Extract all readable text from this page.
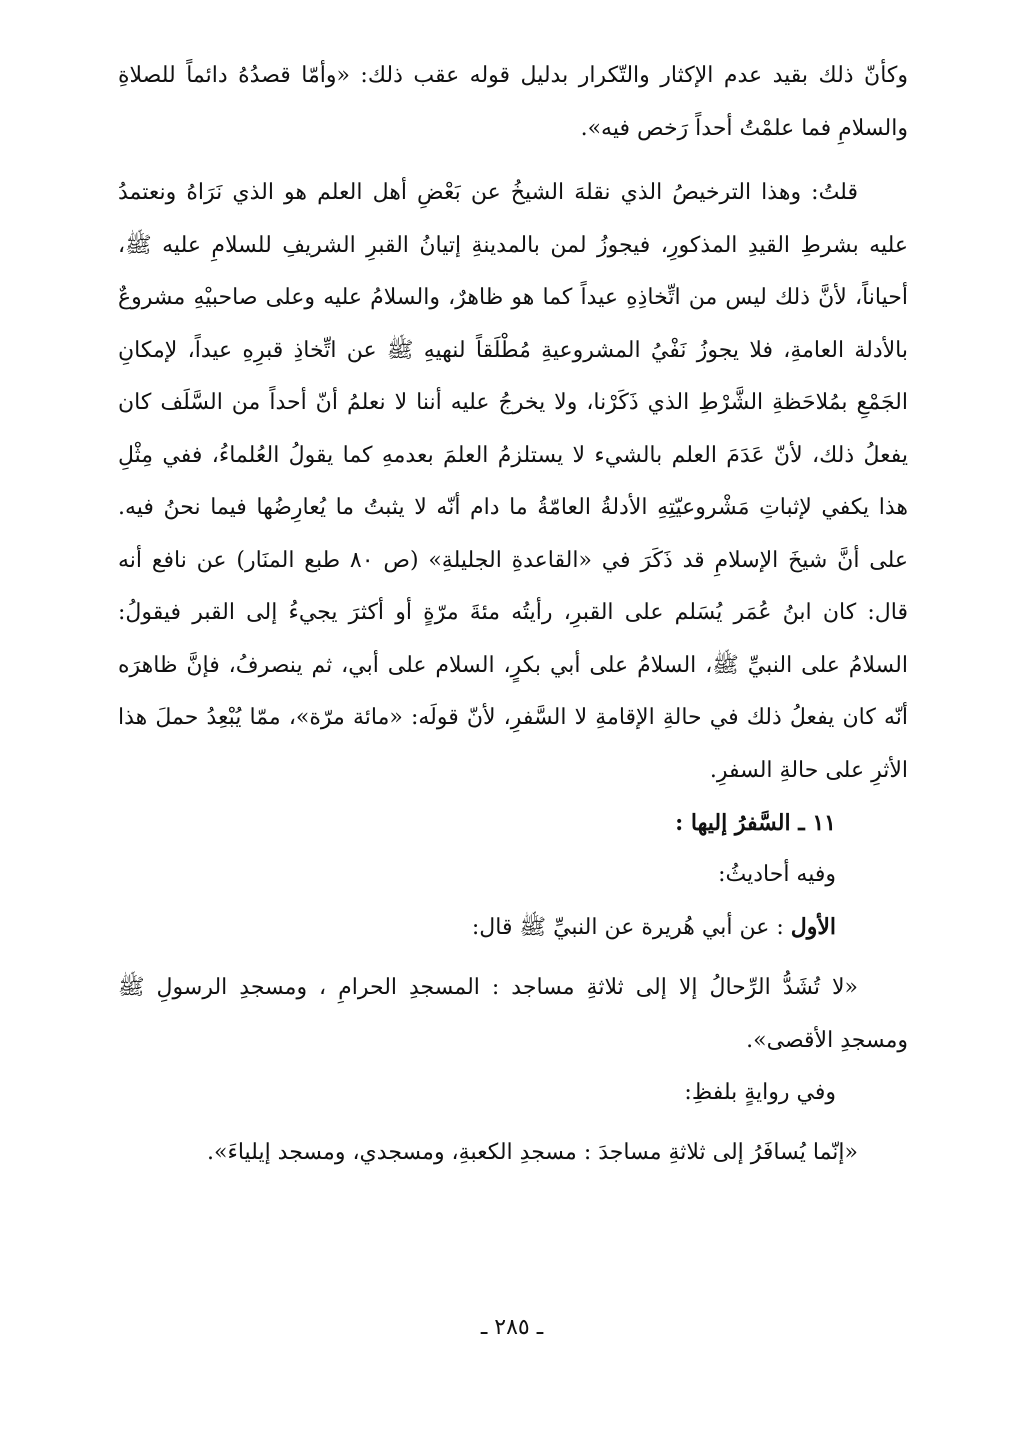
وكأنّ ذلك بقيد عدم الإكثار والتّكرار بدليل قوله عقب ذلك: «وأمّا قصدُهُ دائماً للصلاةِ والسلامِ فما علمْتُ أحداً رَخص فيه».

قلتُ: وهذا الترخيصُ الذي نقلهَ الشيخُ عن بَعْضِ أهل العلم هو الذي نَرَاهُ ونعتمدُ عليه بشرطِ القيدِ المذكورِ، فيجوزُ لمن بالمدينةِ إتيانُ القبرِ الشريفِ للسلامِ عليه ﷺ، أحياناً، لأنَّ ذلك ليس من اتِّخاذِهِ عيداً كما هو ظاهرٌ، والسلامُ عليه وعلى صاحبيْهِ مشروعٌ بالأدلة العامةِ، فلا يجوزُ نَفْيُ المشروعيةِ مُطْلَقاً لنهيهِ ﷺ عن اتِّخاذِ قبرِهِ عيداً، لإمكانِ الجَمْعِ بمُلاحَظةِ الشَّرْطِ الذي ذَكَرْنا، ولا يخرجُ عليه أننا لا نعلمُ أنّ أحداً من السَّلَف كان يفعلُ ذلك، لأنّ عَدَمَ العلم بالشيء لا يستلزمُ العلمَ بعدمهِ كما يقولُ العُلماءُ، ففي مِثْلِ هذا يكفي لإثباتِ مَشْروعيّتِهِ الأدلةُ العامّةُ ما دام أنّه لا يثبتُ ما يُعارِضُها فيما نحنُ فيه. على أنَّ شيخَ الإسلامِ قد ذَكَرَ في «القاعدةِ الجليلةِ» (ص ٨٠ طبع المنَار) عن نافع أنه قال: كان ابنُ عُمَر يُسَلم على القبرِ، رأيتُه مئةَ مرّةٍ أو أكثرَ يجيءُ إلى القبر فيقولُ: السلامُ على النبيِّ ﷺ، السلامُ على أبي بكرٍ، السلام على أبي، ثم ينصرفُ، فإنَّ ظاهرَه أنّه كان يفعلُ ذلك في حالةِ الإقامةِ لا السَّفرِ، لأنّ قولَه: «مائة مرّة»، ممّا يُبْعِدُ حملَ هذا الأثرِ على حالةِ السفرِ.

١١ ـ السَّفرُ إليها :

وفيه أحاديثُ:

الأول : عن أبي هُريرة عن النبيِّ ﷺ قال:

«لا تُشَدُّ الرِّحالُ إلا إلى ثلاثةِ مساجد : المسجدِ الحرامِ ، ومسجدِ الرسولِ ﷺ ومسجدِ الأقصى».

وفي روايةٍ بلفظِ:

«إنّما يُسافَرُ إلى ثلاثةِ مساجدَ : مسجدِ الكعبةِ، ومسجدي، ومسجد إيلياءَ».

ـ ٢٨٥ ـ
